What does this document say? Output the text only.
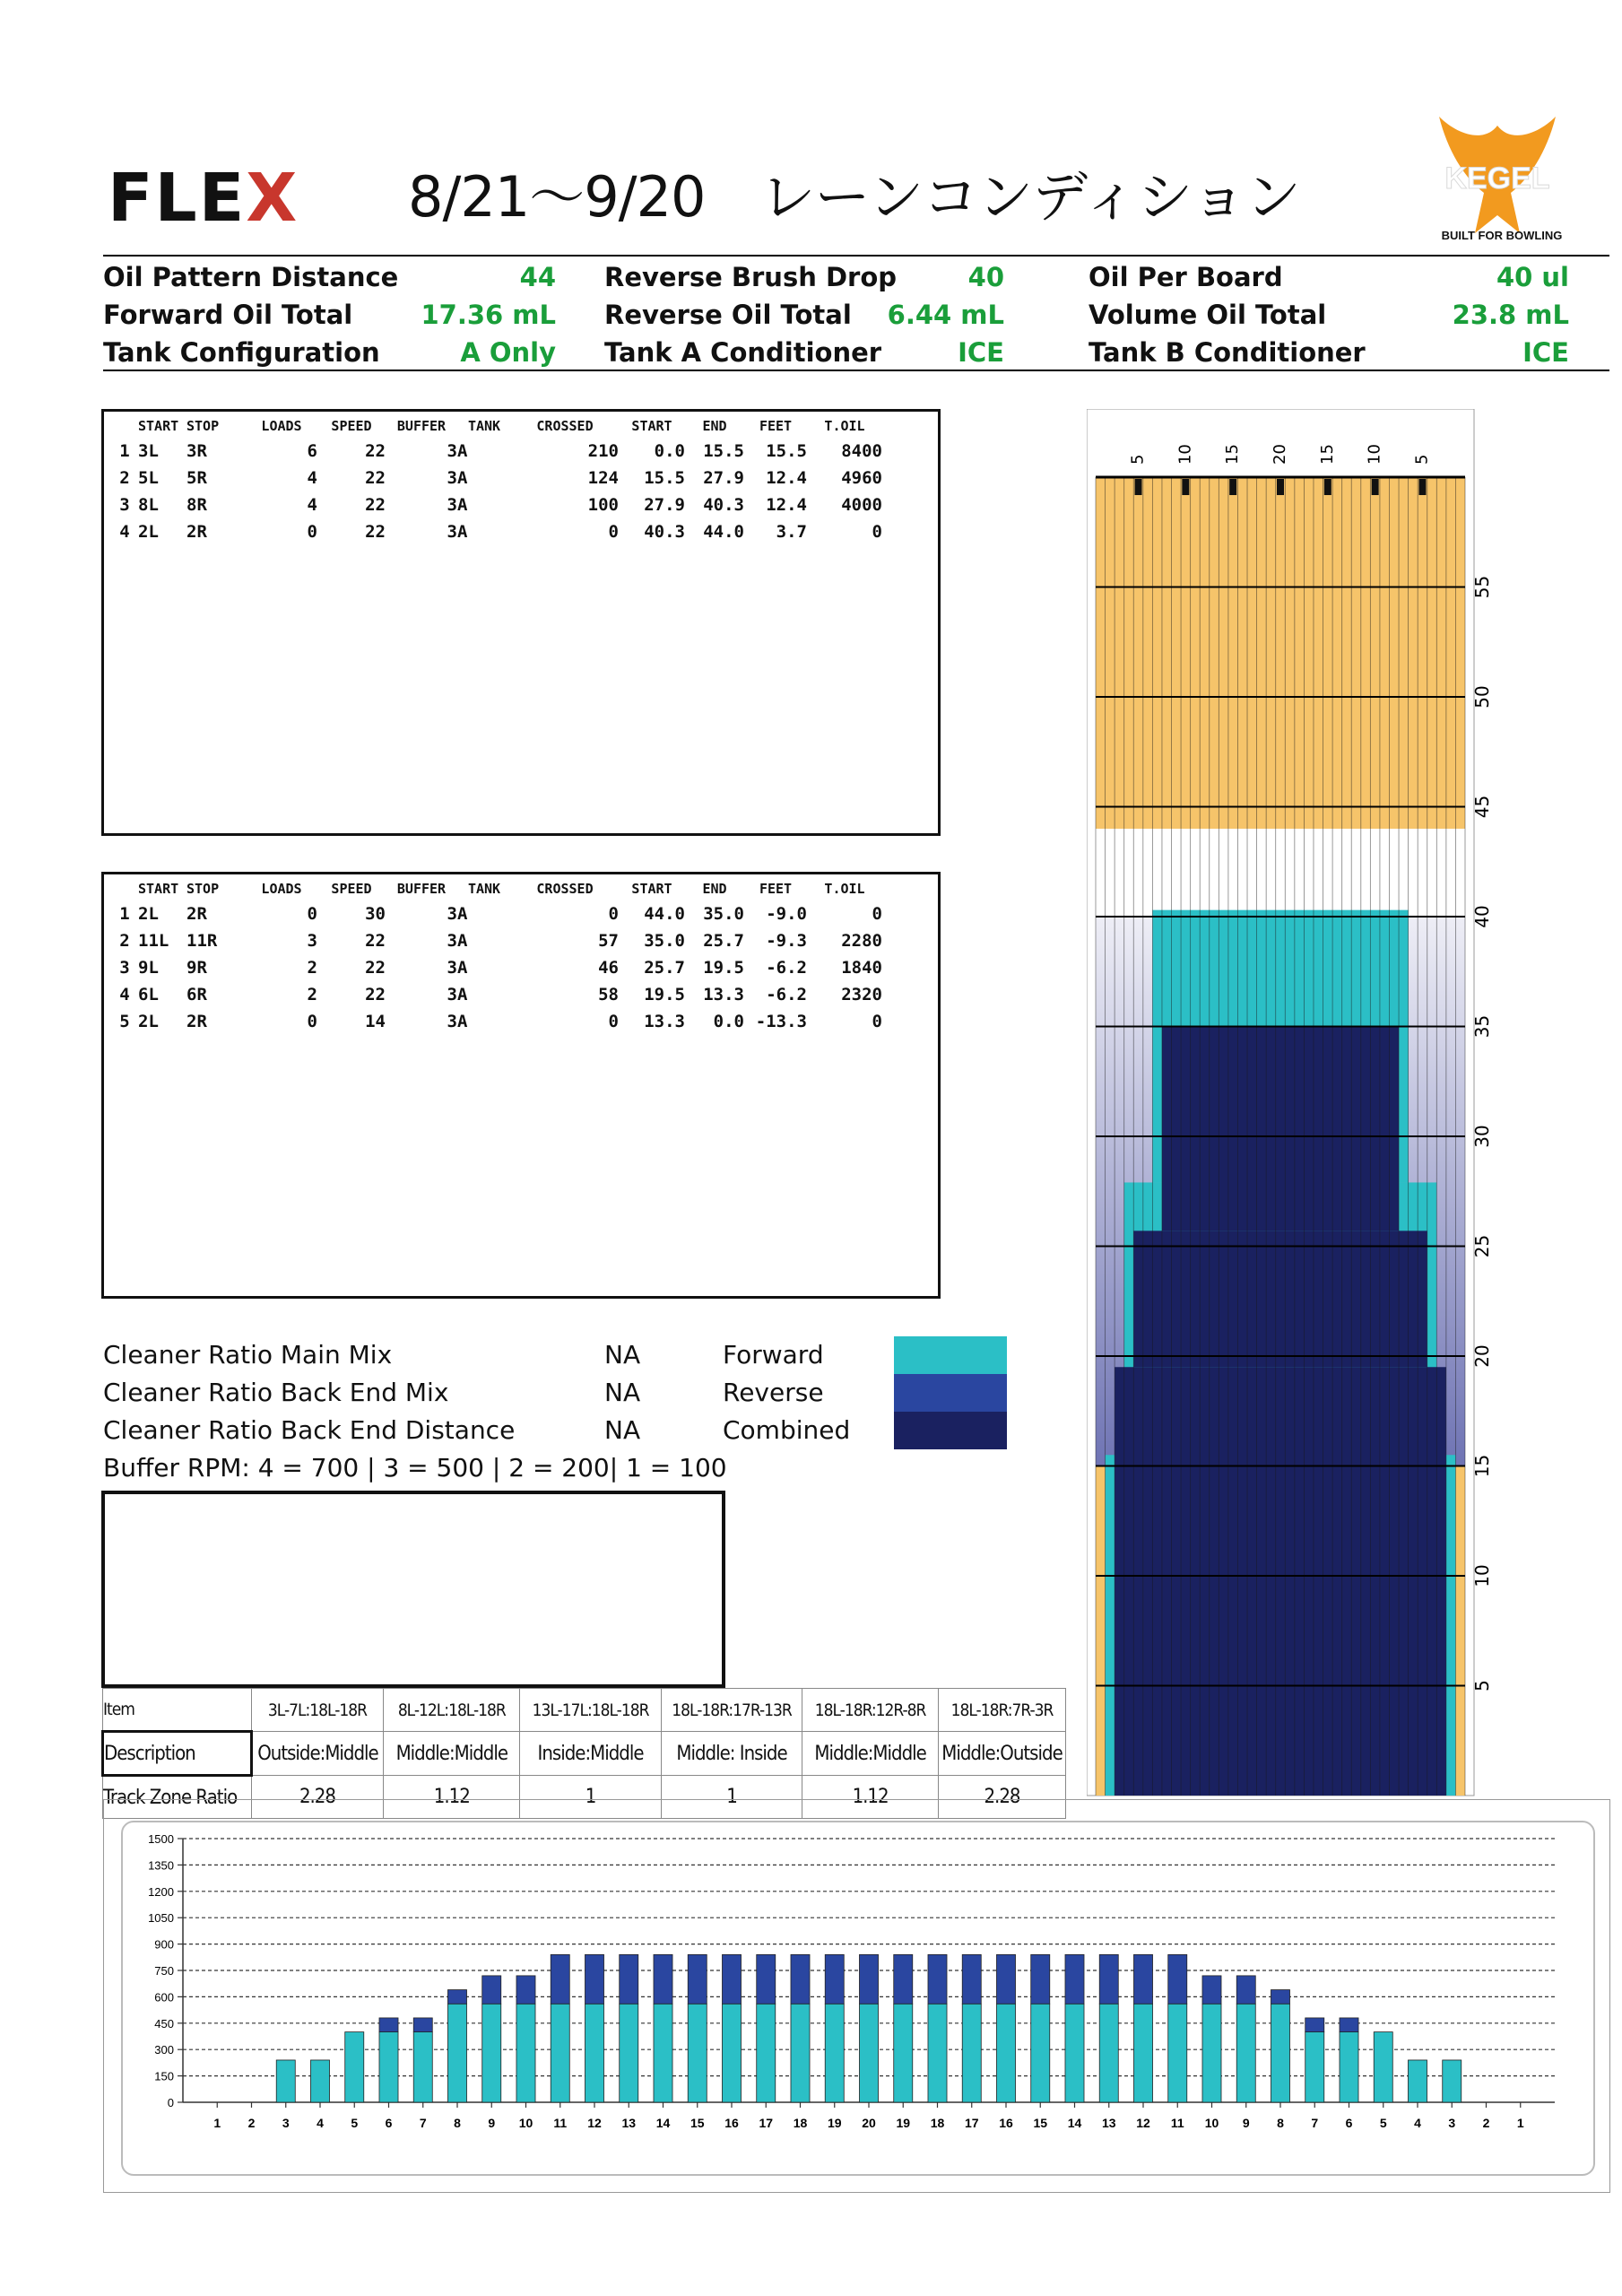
FLEX 8/21～9/20　レーンコンディション	KEGEL
BUILT FOR BOWLING
Oil Pattern Distance	44
Forward Oil Total	17.36 mL
Tank Configuration	A Only
Reverse Brush Drop	40
Reverse Oil Total	6.44 mL
Tank A Conditioner	ICE
Oil Per Board	40 ul
Volume Oil Total	23.8 mL
Tank B Conditioner	ICE
	START	STOP	LOADS	SPEED	BUFFER	TANK	CROSSED	START	END	FEET	T.OIL
1	3L	3R	6	22	3	A	210	0.0	15.5	15.5	8400
2	5L	5R	4	22	3	A	124	15.5	27.9	12.4	4960
3	8L	8R	4	22	3	A	100	27.9	40.3	12.4	4000
4	2L	2R	0	22	3	A	0	40.3	44.0	3.7	0
	START	STOP	LOADS	SPEED	BUFFER	TANK	CROSSED	START	END	FEET	T.OIL
1	2L	2R	0	30	3	A	0	44.0	35.0	-9.0	0
2	11L	11R	3	22	3	A	57	35.0	25.7	-9.3	2280
3	9L	9R	2	22	3	A	46	25.7	19.5	-6.2	1840
4	6L	6R	2	22	3	A	58	19.5	13.3	-6.2	2320
5	2L	2R	0	14	3	A	0	13.3	0.0	-13.3	0
Cleaner Ratio Main Mix	NA
Cleaner Ratio Back End Mix	NA
Cleaner Ratio Back End Distance	NA
Buffer RPM: 4 = 700 | 3 = 500 | 2 = 200| 1 = 100
Forward
Reverse
Combined
5 10 15 20 15 10 5
55
50
45
40
35
30
25
20
15
10
5
Item	3L-7L:18L-18R	8L-12L:18L-18R	13L-17L:18L-18R	18L-18R:17R-13R	18L-18R:12R-8R	18L-18R:7R-3R
Description	Outside:Middle	Middle:Middle	Inside:Middle	Middle: Inside	Middle:Middle	Middle:Outside
Track Zone Ratio	2.28	1.12	1	1	1.12	2.28
1500
1350
1200
1050
900
750
600
450
300
150
0
1 2 3 4 5 6 7 8 9 10 11 12 13 14 15 16 17 18 19 20 19 18 17 16 15 14 13 12 11 10 9 8 7 6 5 4 3 2 1
